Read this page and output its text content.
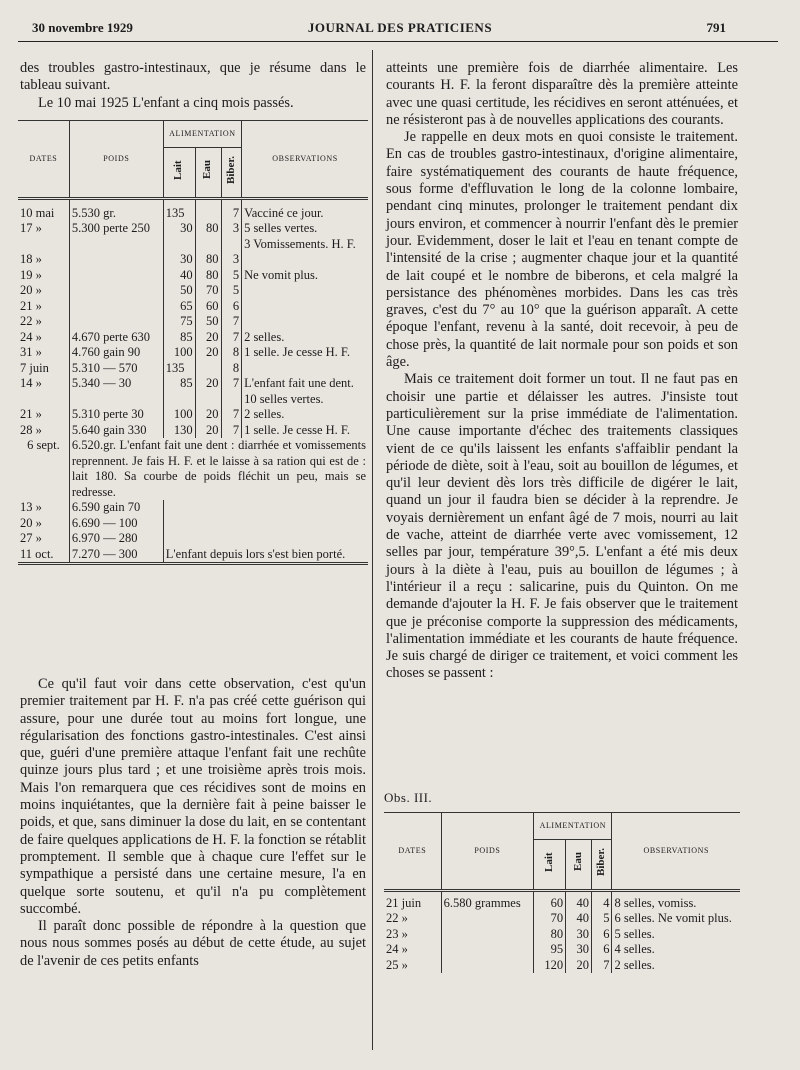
30 novembre 1929	JOURNAL DES PRATICIENS	791

des troubles gastro-intestinaux, que je résume dans le tableau suivant.

Le 10 mai 1925 L'enfant a cinq mois passés.

DATES	POIDS	ALIMENTATION			OBSERVATIONS
		Lait	Eau	Biber.	

10 mai	5.530 gr.	135		7	Vacciné ce jour.
17 »	5.300 perte 250	30	80	3	5 selles vertes.
					3 Vomissements. H. F.
18 »		30	80	3	
19 »		40	80	5	Ne vomit plus.
20 »		50	70	5	
21 »		65	60	6	
22 »		75	50	7	
24 »	4.670 perte 630	85	20	7	2 selles.
31 »	4.760 gain 90	100	20	8	1 selle. Je cesse H. F.
7 juin	5.310 — 570	135		8	
14 »	5.340 — 30	85	20	7	L'enfant fait une dent.
					10 selles vertes.
21 »	5.310 perte 30	100	20	7	2 selles.
28 »	5.640 gain 330	130	20	7	1 selle. Je cesse H. F.
6 sept.	6.520.gr. L'enfant fait une dent : diarrhée et vomissements reprennent. Je fais H. F. et le laisse à sa ration qui est de : lait 180. Sa courbe de poids fléchit un peu, mais se redresse.				
13 »	6.590 gain 70				
20 »	6.690 — 100				
27 »	6.970 — 280				
11 oct.	7.270 — 300	L'enfant depuis lors s'est bien porté.			

Ce qu'il faut voir dans cette observation, c'est qu'un premier traitement par H. F. n'a pas créé cette guérison qui assure, pour une durée tout au moins fort longue, une régularisation des fonctions gastro-intestinales. C'est ainsi que, guéri d'une première attaque l'enfant fait une rechûte quinze jours plus tard ; et une troisième après trois mois. Mais l'on remarquera que ces récidives sont de moins en moins inquiétantes, que la dernière fait à peine baisser le poids, et que, sans diminuer la dose du lait, en se contentant de faire quelques applications de H. F. la fonction se rétablit promptement. Il semble que à chaque cure l'effet sur le sympathique a persisté dans une certaine mesure, l'a en quelque sorte soutenu, et qu'il n'a pu complètement succombé.

Il paraît donc possible de répondre à la question que nous nous sommes posés au début de cette étude, au sujet de l'avenir de ces petits enfants

atteints une première fois de diarrhée alimentaire. Les courants H. F. la feront disparaître dès la première atteinte avec une quasi certitude, les récidives en seront atténuées, et ne résisteront pas à de nouvelles applications des courants.

Je rappelle en deux mots en quoi consiste le traitement. En cas de troubles gastro-intestinaux, d'origine alimentaire, faire systématiquement des courants de haute fréquence, sous forme d'effluvation le long de la colonne lombaire, pendant cinq minutes, prolonger le traitement pendant dix jours environ, et commencer à nourrir l'enfant dès le premier jour. Evidemment, doser le lait et l'eau en tenant compte de l'intensité de la crise ; augmenter chaque jour et la quantité de lait coupé et le nombre de biberons, et cela malgré la persistance des phénomènes morbides. Dans les cas très graves, c'est du 7° au 10° que la guérison apparaît. A cette époque l'enfant, revenu à la santé, doit recevoir, à peu de chose près, la quantité de lait normale pour son poids et son âge.

Mais ce traitement doit former un tout. Il ne faut pas en choisir une partie et délaisser les autres. J'insiste tout particulièrement sur la prise immédiate de l'alimentation. Une cause importante d'échec des traitements classiques vient de ce qu'ils laissent les enfants s'affaiblir pendant la période de diète, soit à l'eau, soit au bouillon de légumes, et qu'il leur devient dès lors très difficile de digérer le lait, quand un jour il faudra bien se décider à la reprendre. Je voyais dernièrement un enfant âgé de 7 mois, nourri au lait de vache, atteint de diarrhée verte avec vomissement, 12 selles par jour, température 39°,5. L'enfant a été mis deux jours à la diète à l'eau, puis au bouillon de légumes ; à l'intérieur il a reçu : salicarine, puis du Quinton. On me demande d'ajouter la H. F. Je fais observer que le traitement que je préconise comporte la suppression des médicaments, l'alimentation immédiate et les courants de haute fréquence. Je suis chargé de diriger ce traitement, et voici comment les choses se passent :

Obs. III.
DATES	POIDS	ALIMENTATION			OBSERVATIONS
		Lait	Eau	Biber.	

21 juin	6.580 grammes	60	40	4	8 selles, vomiss.
22 »		70	40	5	6 selles. Ne vomit plus.
23 »		80	30	6	5 selles.
24 »		95	30	6	4 selles.
25 »		120	20	7	2 selles.
